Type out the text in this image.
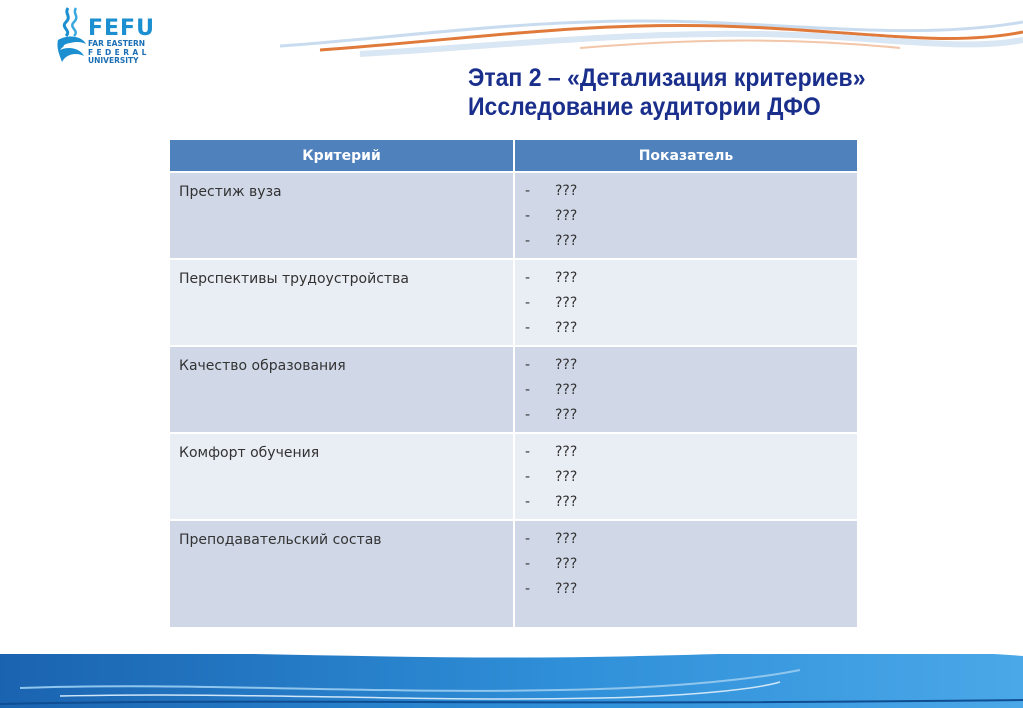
FEFU
FAR EASTERN
FEDERAL
UNIVERSITY
Этап 2 – «Детализация критериев»
Исследование аудитории ДФО
Критерий	Показатель
Престиж вуза	- ???
- ???
- ???

Перспективы трудоустройства	- ???
- ???
- ???

Качество образования	- ???
- ???
- ???

Комфорт обучения	- ???
- ???
- ???

Преподавательский состав	- ???
- ???
- ???
